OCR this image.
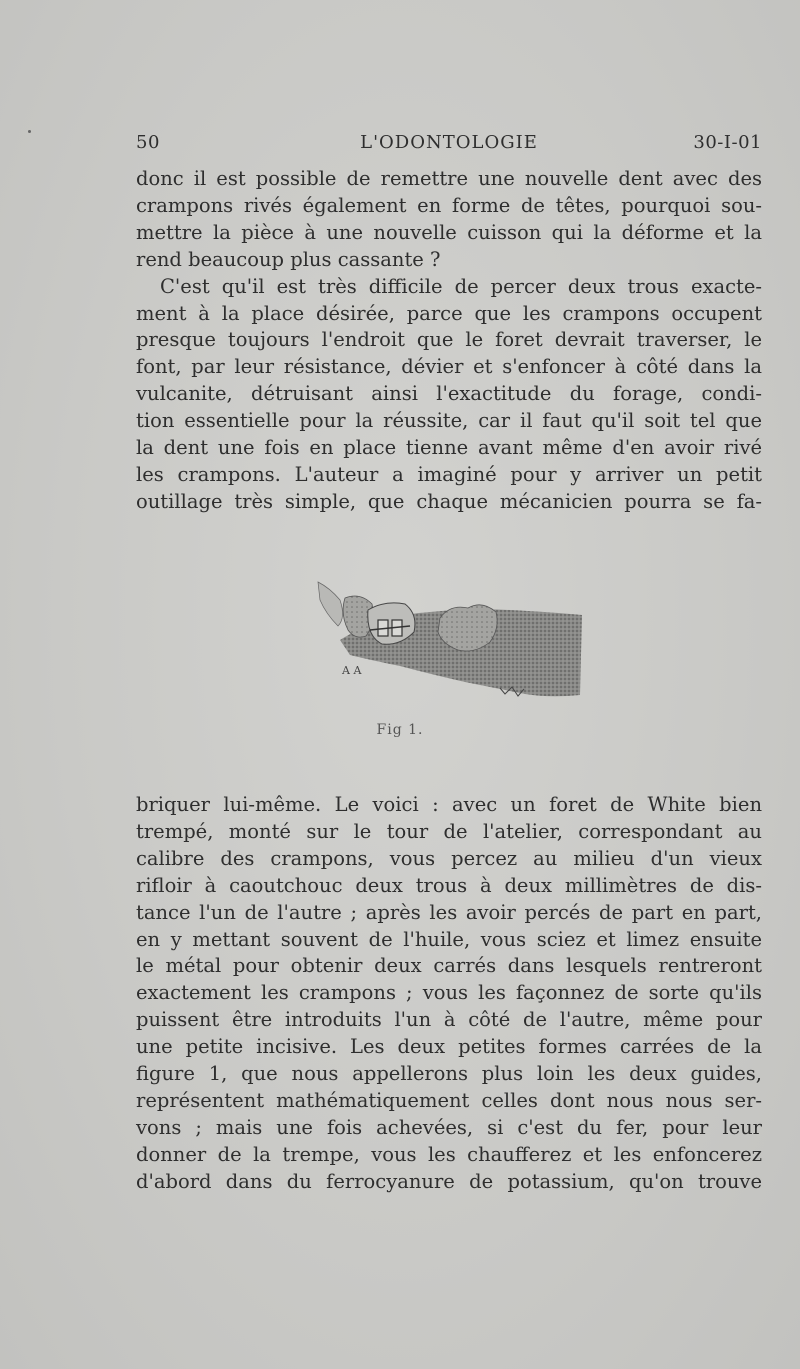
50	L'ODONTOLOGIE	30-I-01
donc il est possible de remettre une nouvelle dent avec des
crampons rivés également en forme de têtes, pourquoi sou-
mettre la pièce à une nouvelle cuisson qui la déforme et la
rend beaucoup plus cassante ?
C'est qu'il est très difficile de percer deux trous exacte-
ment à la place désirée, parce que les crampons occupent
presque toujours l'endroit que le foret devrait traverser, le
font, par leur résistance, dévier et s'enfoncer à côté dans la
vulcanite, détruisant ainsi l'exactitude du forage, condi-
tion essentielle pour la réussite, car il faut qu'il soit tel que
la dent une fois en place tienne avant même d'en avoir rivé
les crampons. L'auteur a imaginé pour y arriver un petit
outillage très simple, que chaque mécanicien pourra se fa-
A A
Fig 1.
briquer lui-même. Le voici : avec un foret de White bien
trempé, monté sur le tour de l'atelier, correspondant au
calibre des crampons, vous percez au milieu d'un vieux
rifloir à caoutchouc deux trous à deux millimètres de dis-
tance l'un de l'autre ; après les avoir percés de part en part,
en y mettant souvent de l'huile, vous sciez et limez ensuite
le métal pour obtenir deux carrés dans lesquels rentreront
exactement les crampons ; vous les façonnez de sorte qu'ils
puissent être introduits l'un à côté de l'autre, même pour
une petite incisive. Les deux petites formes carrées de la
figure 1, que nous appellerons plus loin les deux guides,
représentent mathématiquement celles dont nous nous ser-
vons ; mais une fois achevées, si c'est du fer, pour leur
donner de la trempe, vous les chaufferez et les enfoncerez
d'abord dans du ferrocyanure de potassium, qu'on trouve
